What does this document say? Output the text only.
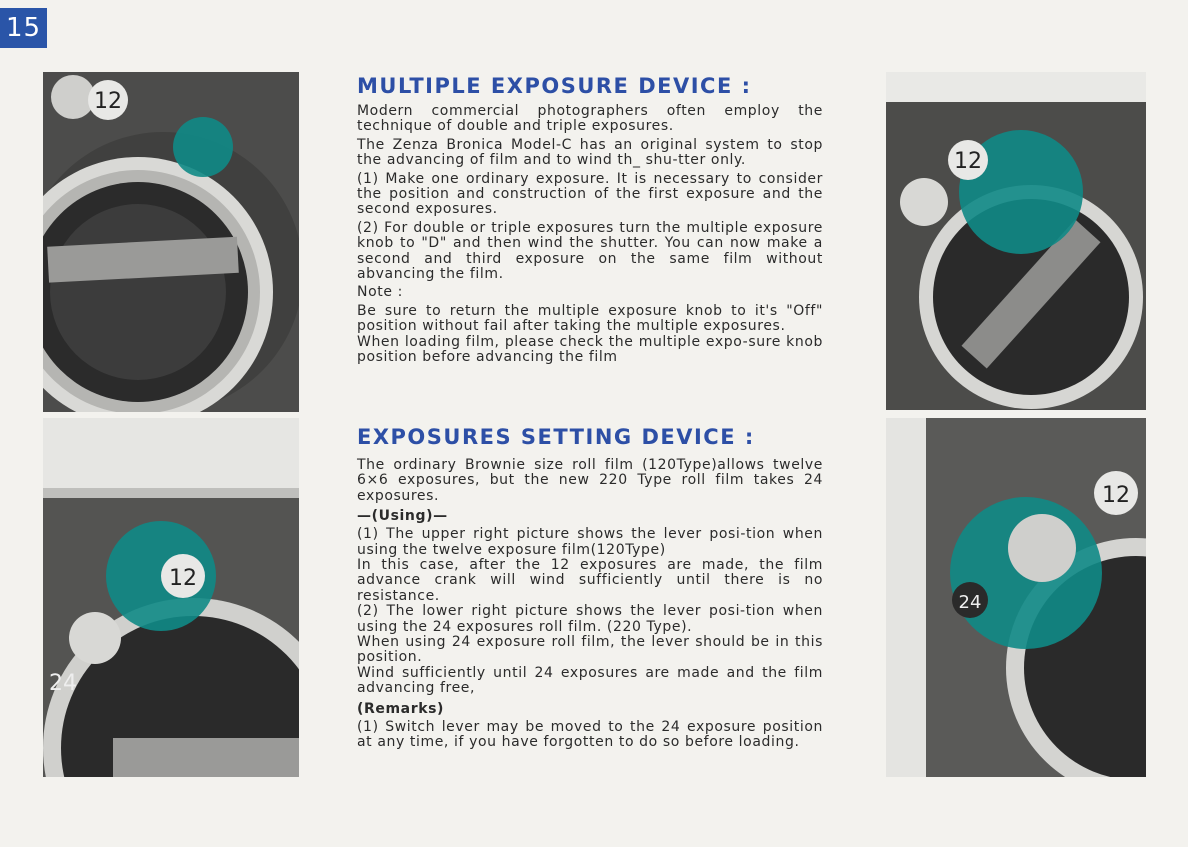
15
12
12
24
12
12
24
MULTIPLE EXPOSURE DEVICE :

Modern commercial photographers often employ the technique of double and triple exposures.

The Zenza Bronica Model-C has an original system to stop the advancing of film and to wind th_ shu-tter only.

(1) Make one ordinary exposure. It is necessary to consider the position and construction of the first exposure and the second exposures.

(2) For double or triple exposures turn the multiple exposure knob to "D" and then wind the shutter. You can now make a second and third exposure on the same film without abvancing the film.

Note :

Be sure to return the multiple exposure knob to it's "Off" position without fail after taking the multiple exposures.

When loading film, please check the multiple expo-sure knob position before advancing the film

EXPOSURES SETTING DEVICE :

The ordinary Brownie size roll film (120Type)allows twelve 6×6 exposures, but the new 220 Type roll film takes 24 exposures.

—(Using)—

(1) The upper right picture shows the lever posi-tion when using the twelve exposure film(120Type)

In this case, after the 12 exposures are made, the film advance crank will wind sufficiently until there is no resistance.

(2) The lower right picture shows the lever posi-tion when using the 24 exposures roll film. (220 Type).

When using 24 exposure roll film, the lever should be in this position.

Wind sufficiently until 24 exposures are made and the film advancing free,

(Remarks)

(1) Switch lever may be moved to the 24 exposure position at any time, if you have forgotten to do so before loading.
